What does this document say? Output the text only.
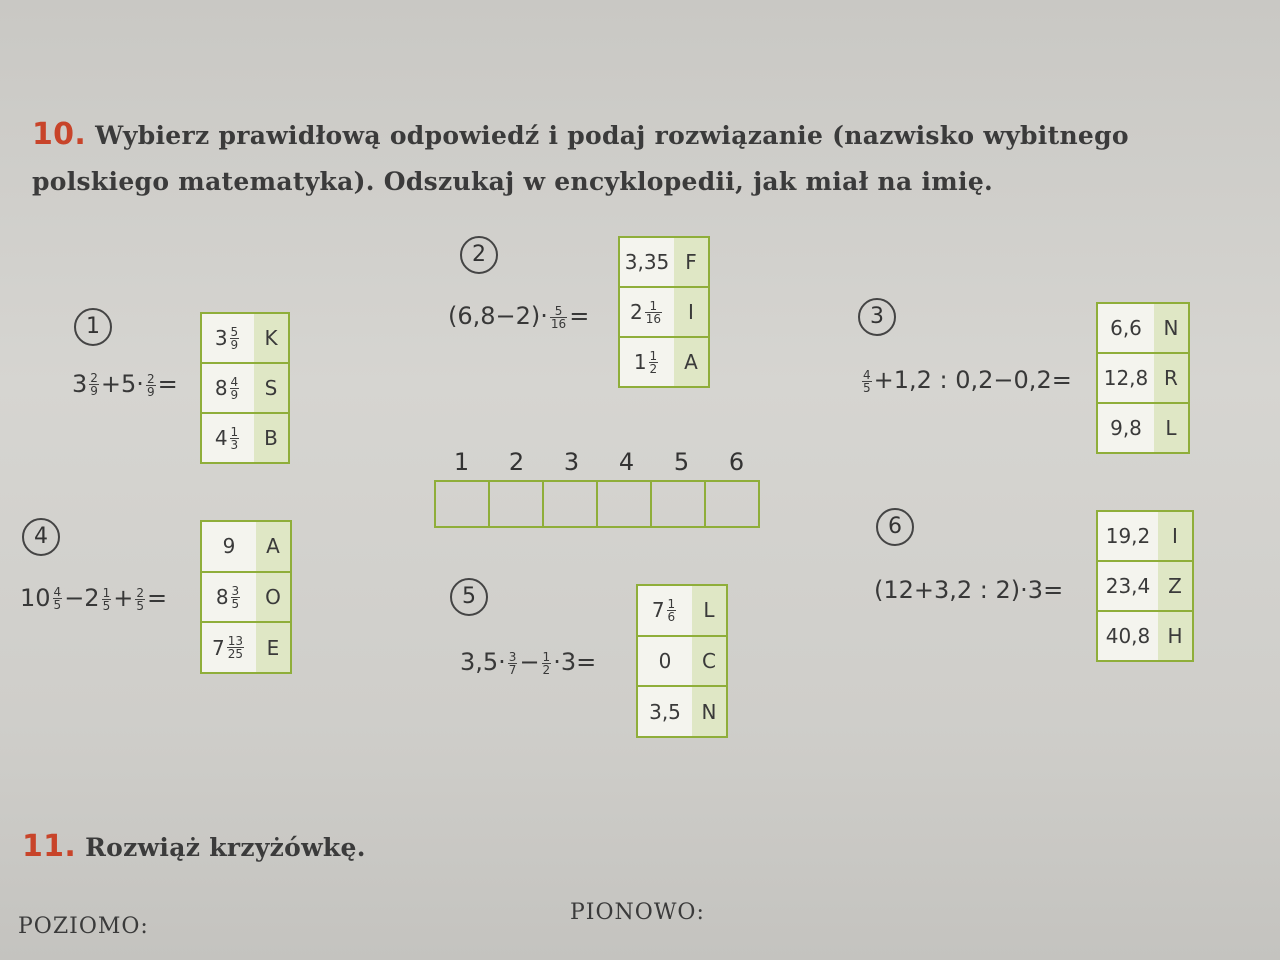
10. Wybierz prawidłową odpowiedź i podaj rozwiązanie (nazwisko wybitnego
polskiego matematyka). Odszukaj w encyklopedii, jak miał na imię.
1
$3 \frac{2}{9} +5\cdot \frac{2}{9}$ =
$3 \frac{5}{9}$	K
$8 \frac{4}{9}$	S
$4 \frac{1}{3}$	B
2
$(6,8-2)\cdot \frac{5}{16}$ =
3,35 F
$2 \frac{1}{16}$	I
$1 \frac{1}{2}$	A
3
$\frac{4}{5} +1,2$ : 0,2−0,2=
6,6	N
12,8 R
9,8	L
1	2	3	4	5	6
4
$10 \frac{4}{5} -2 \frac{1}{5} + \frac{2}{5}$ =
9	A
$8 \frac{3}{5}$	O
$7 \frac{13}{25}$	E
5
$3,5\cdot \frac{3}{7} - \frac{1}{2} \cdot 3=$
$7 \frac{1}{6}$	L
0	C
3,5	N
6
(12+3,2 : 2)·3=
19,2	I
23,4 Z
40,8 H
11. Rozwiąż krzyżówkę.
POZIOMO:
PIONOWO:
